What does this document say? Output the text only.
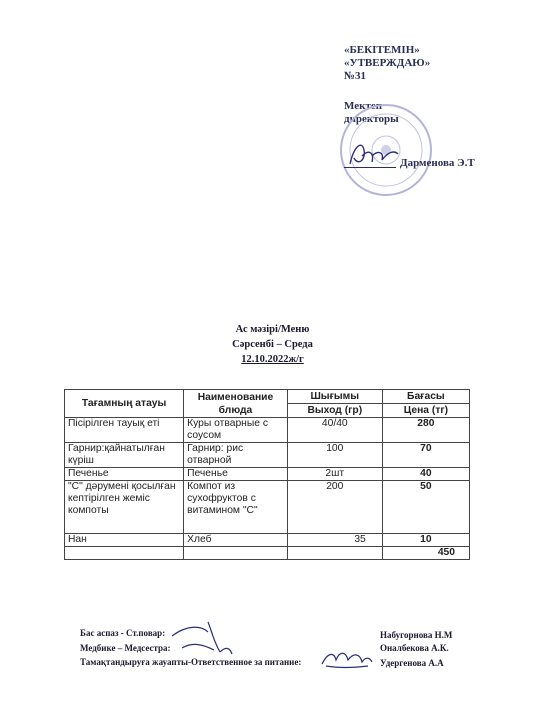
«БЕКІТЕМІН»
«УТВЕРЖДАЮ»
№31
Мектеп
директоры
Дарменова Э.Т
Ас мәзірі/Меню
Сәрсенбі – Среда
12.10.2022ж/г
Тағамның атауы	Наименование блюда	Шығымы	Бағасы
		Выход (гр)	Цена (тг)
Пісірілген тауық еті	Куры отварные с соусом	40/40	280
Гарнир:қайнатылған күріш	Гарнир: рис отварной	100	70
Печенье	Печенье	2шт	40
"С" дәрумені қосылған кептірілген жеміс компоты	Компот из сухофруктов с витамином "С"	200	50
Нан	Хлеб	35	10
			450
Бас аспаз - Ст.повар:
Медбике – Медсестра:
Тамақтандыруға жауапты-Ответственное за питание:
Набугорнова Н.М
Оналбекова А.К.
Удергенова А.А
